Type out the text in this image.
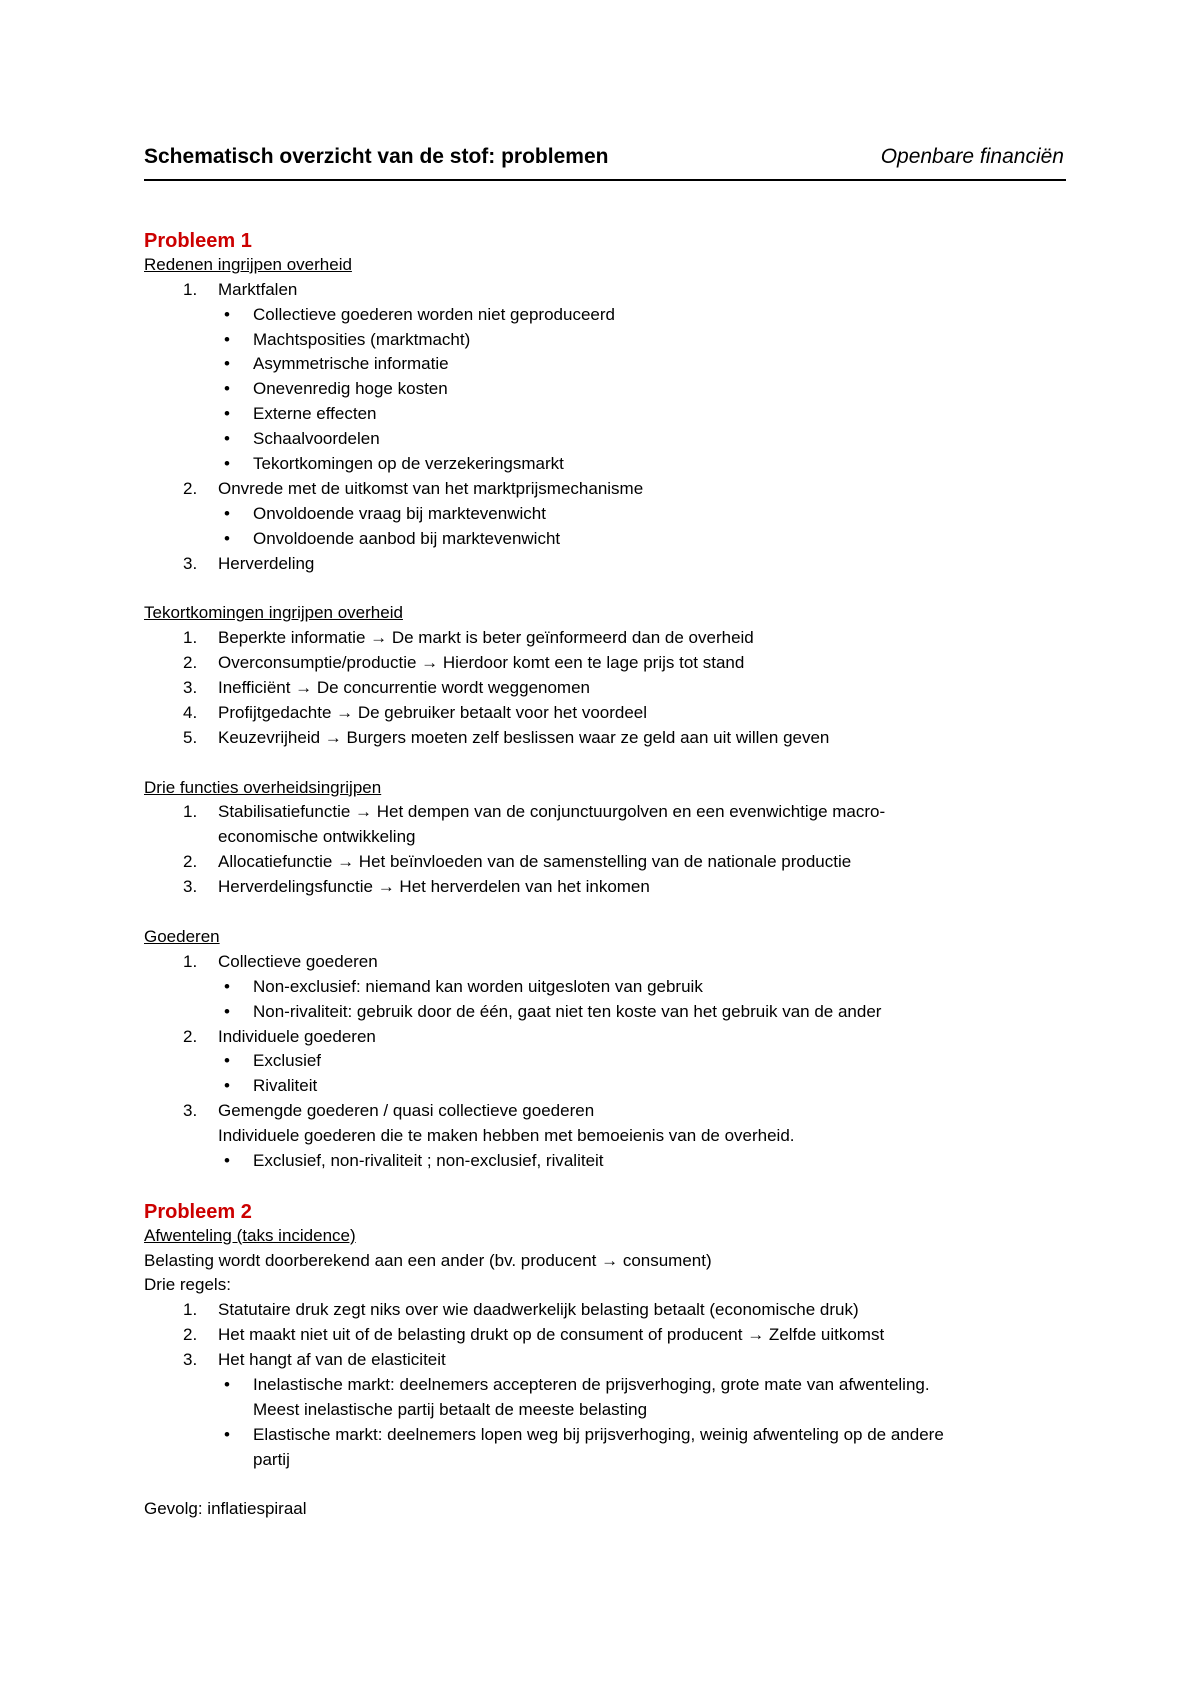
Schematisch overzicht van de stof: problemen	Openbare financiën
Probleem 1
Redenen ingrijpen overheid
1. Marktfalen
• Collectieve goederen worden niet geproduceerd
• Machtsposities (marktmacht)
• Asymmetrische informatie
• Onevenredig hoge kosten
• Externe effecten
• Schaalvoordelen
• Tekortkomingen op de verzekeringsmarkt
2. Onvrede met de uitkomst van het marktprijsmechanisme
• Onvoldoende vraag bij marktevenwicht
• Onvoldoende aanbod bij marktevenwicht
3. Herverdeling
Tekortkomingen ingrijpen overheid
1. Beperkte informatie → De markt is beter geïnformeerd dan de overheid
2. Overconsumptie/productie → Hierdoor komt een te lage prijs tot stand
3. Inefficiënt → De concurrentie wordt weggenomen
4. Profijtgedachte → De gebruiker betaalt voor het voordeel
5. Keuzevrijheid → Burgers moeten zelf beslissen waar ze geld aan uit willen geven
Drie functies overheidsingrijpen
1. Stabilisatiefunctie → Het dempen van de conjunctuurgolven en een evenwichtige macro-
economische ontwikkeling
2. Allocatiefunctie → Het beïnvloeden van de samenstelling van de nationale productie
3. Herverdelingsfunctie → Het herverdelen van het inkomen
Goederen
1. Collectieve goederen
• Non-exclusief: niemand kan worden uitgesloten van gebruik
• Non-rivaliteit: gebruik door de één, gaat niet ten koste van het gebruik van de ander
2. Individuele goederen
• Exclusief
• Rivaliteit
3. Gemengde goederen / quasi collectieve goederen
Individuele goederen die te maken hebben met bemoeienis van de overheid.
• Exclusief, non-rivaliteit ; non-exclusief, rivaliteit
Probleem 2
Afwenteling (taks incidence)
Belasting wordt doorberekend aan een ander (bv. producent → consument)
Drie regels:
1. Statutaire druk zegt niks over wie daadwerkelijk belasting betaalt (economische druk)
2. Het maakt niet uit of de belasting drukt op de consument of producent → Zelfde uitkomst
3. Het hangt af van de elasticiteit
• Inelastische markt: deelnemers accepteren de prijsverhoging, grote mate van afwenteling.
Meest inelastische partij betaalt de meeste belasting
• Elastische markt: deelnemers lopen weg bij prijsverhoging, weinig afwenteling op de andere
partij
Gevolg: inflatiespiraal
